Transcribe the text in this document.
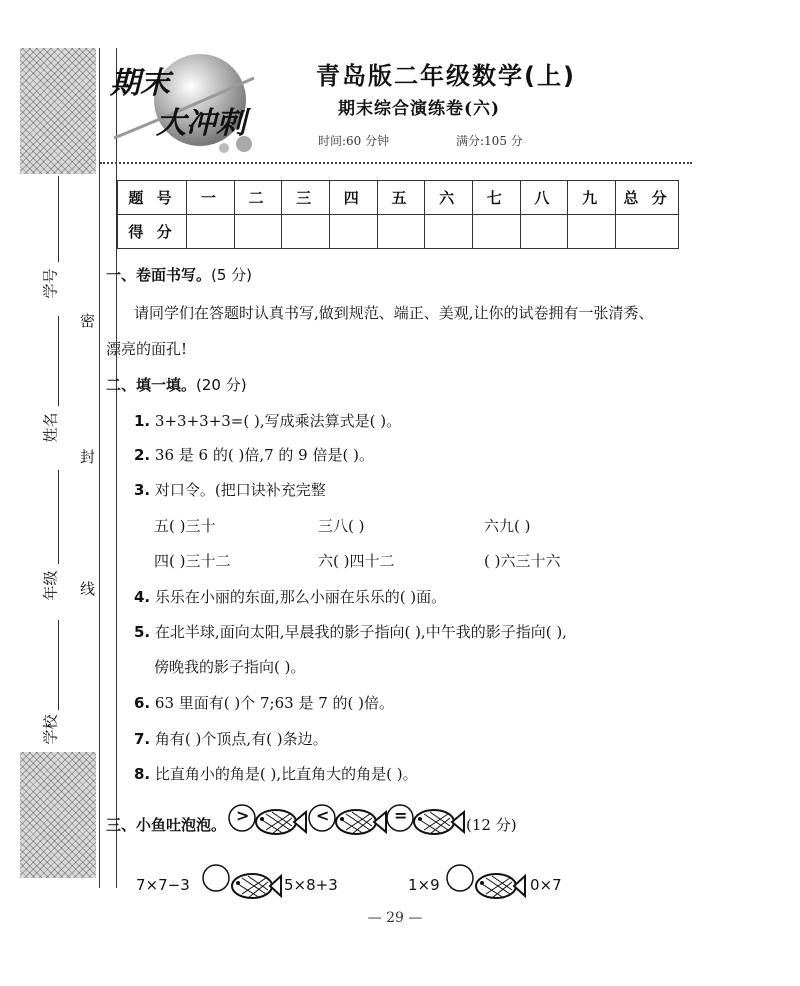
学号
姓名
年级
学校
密
封
线
期末
大冲刺
青岛版二年级数学(上)
期末综合演练卷(六)
时间:60 分钟	满分:105 分
题 号	一	二	三	四	五	六	七	八	九	总 分
得 分										
一、卷面书写。(5 分)
请同学们在答题时认真书写,做到规范、端正、美观,让你的试卷拥有一张清秀、
漂亮的面孔!
二、填一填。(20 分)
1. 3+3+3+3=( ),写成乘法算式是( )。
2. 36 是 6 的( )倍,7 的 9 倍是( )。
3. 对口令。(把口诀补充完整
五( )三十	三八( )	六九( )
四( )三十二	六( )四十二	( )六三十六
4. 乐乐在小丽的东面,那么小丽在乐乐的( )面。
5. 在北半球,面向太阳,早晨我的影子指向( ),中午我的影子指向( ),
傍晚我的影子指向( )。
6. 63 里面有( )个 7;63 是 7 的( )倍。
7. 角有( )个顶点,有( )条边。
8. 比直角小的角是( ),比直角大的角是( )。
三、小鱼吐泡泡。 >	<	=	(12 分)
7×7−3	5×8+3	1×9	0×7
— 29 —
